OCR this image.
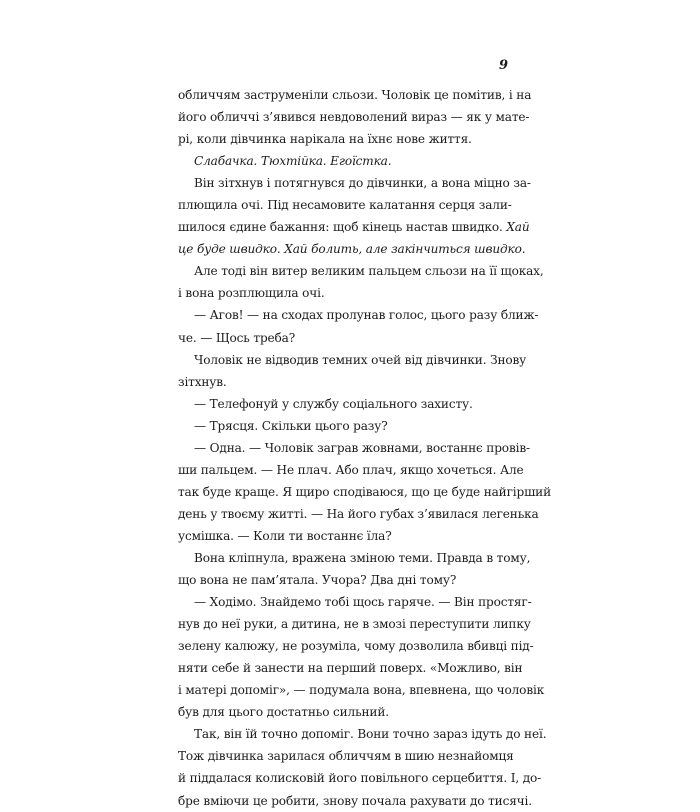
9
обличчям заструменіли сльози. Чоловік це помітив, і на
його обличчі з’явився невдоволений вираз — як у мате-
рі, коли дівчинка нарікала на їхнє нове життя.
Слабачка. Тюхтійка. Егоїстка.
Він зітхнув і потягнувся до дівчинки, а вона міцно за-
плющила очі. Під несамовите калатання серця зали-
шилося єдине бажання: щоб кінець настав швидко. Хай
це буде швидко. Хай болить, але закінчиться швидко.
Але тоді він витер великим пальцем сльози на її щоках,
і вона розплющила очі.
— Агов! — на сходах пролунав голос, цього разу ближ-
че. — Щось треба?
Чоловік не відводив темних очей від дівчинки. Знову
зітхнув.
— Телефонуй у службу соціального захисту.
— Трясця. Скільки цього разу?
— Одна. — Чоловік заграв жовнами, востаннє провів-
ши пальцем. — Не плач. Або плач, якщо хочеться. Але
так буде краще. Я щиро сподіваюся, що це буде найгірший
день у твоєму житті. — На його губах з’явилася легенька
усмішка. — Коли ти востаннє їла?
Вона кліпнула, вражена зміною теми. Правда в тому,
що вона не пам’ятала. Учора? Два дні тому?
— Ходімо. Знайдемо тобі щось гаряче. — Він простяг-
нув до неї руки, а дитина, не в змозі переступити липку
зелену калюжу, не розуміла, чому дозволила вбивці під-
няти себе й занести на перший поверх. «Можливо, він
і матері допоміг», — подумала вона, впевнена, що чоловік
був для цього достатньо сильний.
Так, він їй точно допоміг. Вони точно зараз ідуть до неї.
Тож дівчинка зарилася обличчям в шию незнайомця
й піддалася колисковій його повільного серцебиття. І, до-
бре вміючи це робити, знову почала рахувати до тисячі.
